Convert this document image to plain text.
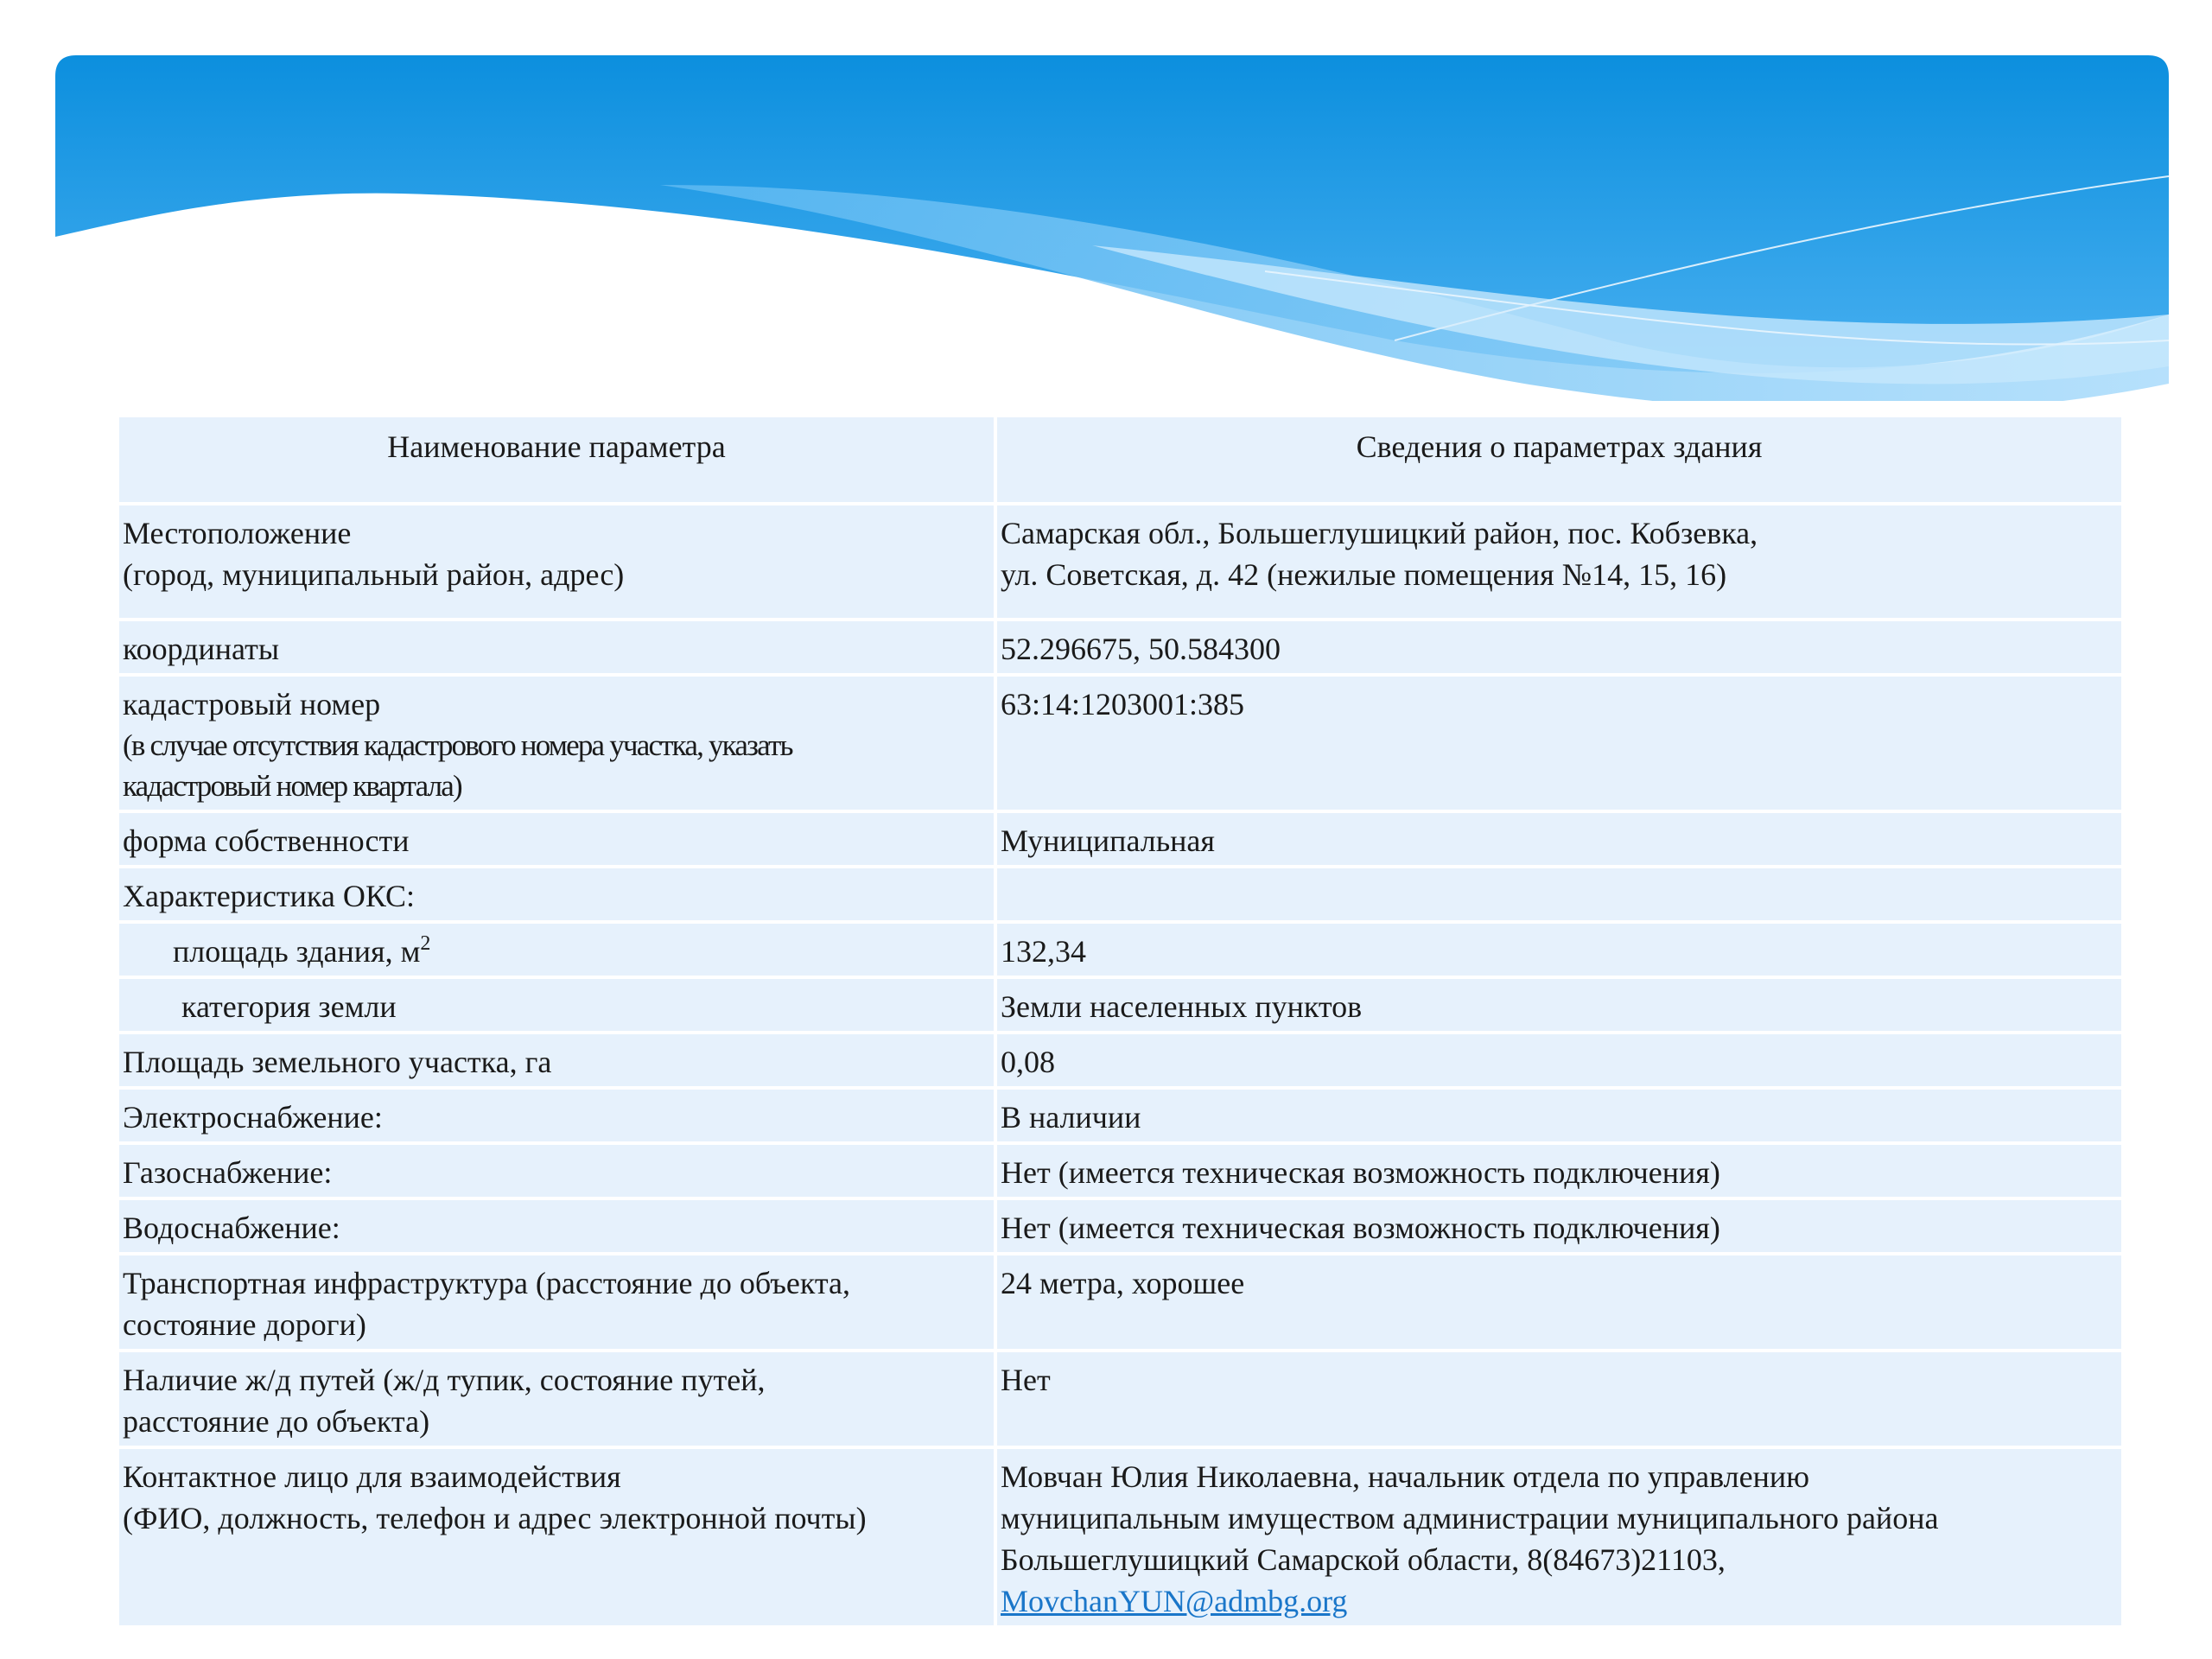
Наименование параметра	Сведения о параметрах здания

Местоположение
(город, муниципальный район, адрес)	Самарская обл., Большеглушицкий район, пос. Кобзевка,
ул. Советская, д. 42 (нежилые помещения №14, 15, 16)

координаты	52.296675, 50.584300

кадастровый номер
(в случае отсутствия кадастрового номера участка, указать
кадастровый номер квартала)	63:14:1203001:385
форма собственности	Муниципальная
Характеристика ОКС:	
площадь здания, $м^2$	132,34
категория земли	Земли населенных пунктов
Площадь земельного участка, га	0,08
Электроснабжение:	В наличии
Газоснабжение:	Нет (имеется техническая возможность подключения)
Водоснабжение:	Нет (имеется техническая возможность подключения)

Транспортная инфраструктура (расстояние до объекта,
состояние дороги)	24 метра, хорошее

Наличие ж/д путей (ж/д тупик, состояние путей,
расстояние до объекта)	Нет

Контактное лицо для взаимодействия
(ФИО, должность, телефон и адрес электронной почты)	Мовчан Юлия Николаевна, начальник отдела по управлению
муниципальным имуществом администрации муниципального района
Большеглушицкий Самарской области, 8(84673)21103,
MovchanYUN@admbg.org
